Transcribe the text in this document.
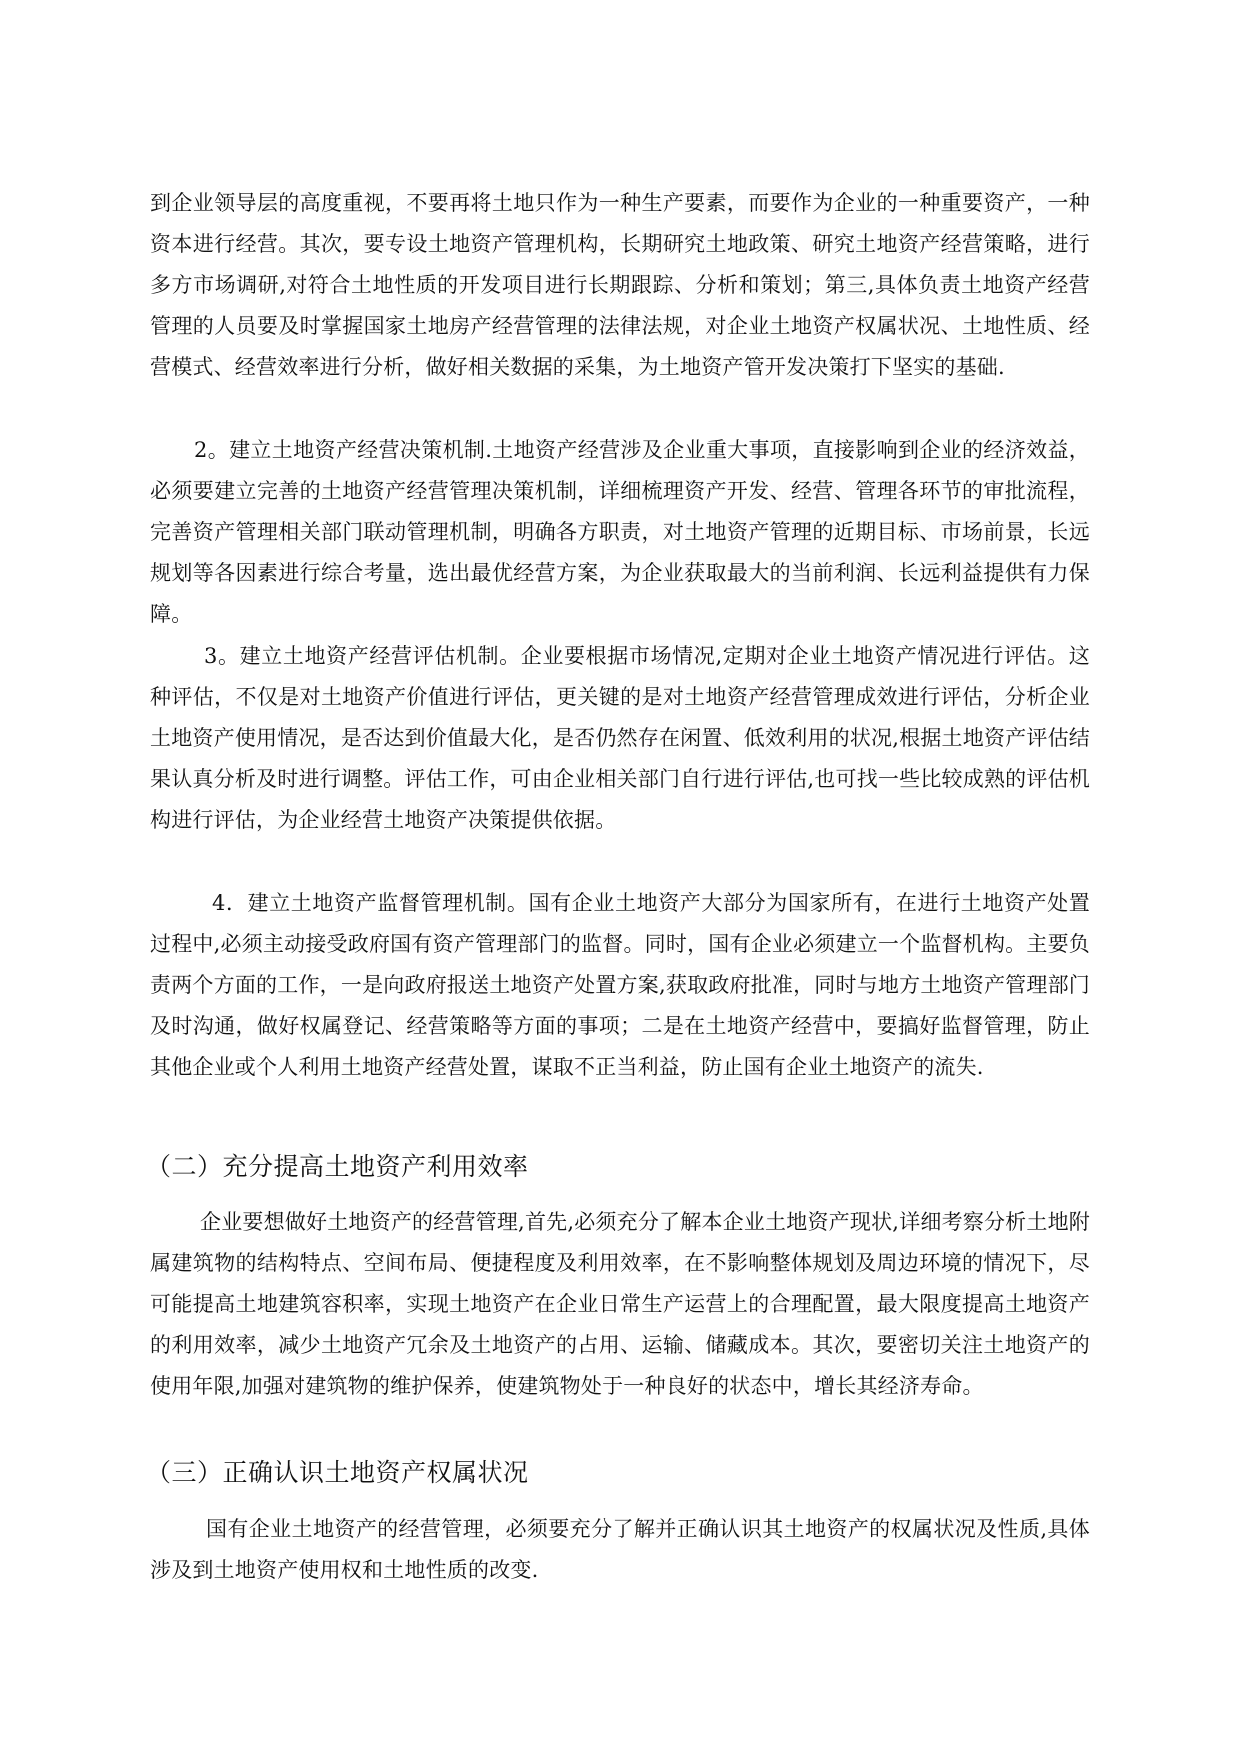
到企业领导层的高度重视，不要再将土地只作为一种生产要素，而要作为企业的一种重要资产，一种资本进行经营。其次，要专设土地资产管理机构，长期研究土地政策、研究土地资产经营策略，进行多方市场调研,对符合土地性质的开发项目进行长期跟踪、分析和策划；第三,具体负责土地资产经营管理的人员要及时掌握国家土地房产经营管理的法律法规，对企业土地资产权属状况、土地性质、经营模式、经营效率进行分析，做好相关数据的采集，为土地资产管开发决策打下坚实的基础.

2。建立土地资产经营决策机制.土地资产经营涉及企业重大事项，直接影响到企业的经济效益，必须要建立完善的土地资产经营管理决策机制，详细梳理资产开发、经营、管理各环节的审批流程，完善资产管理相关部门联动管理机制，明确各方职责，对土地资产管理的近期目标、市场前景，长远规划等各因素进行综合考量，选出最优经营方案，为企业获取最大的当前利润、长远利益提供有力保障。

3。建立土地资产经营评估机制。企业要根据市场情况,定期对企业土地资产情况进行评估。这种评估，不仅是对土地资产价值进行评估，更关键的是对土地资产经营管理成效进行评估，分析企业土地资产使用情况，是否达到价值最大化，是否仍然存在闲置、低效利用的状况,根据土地资产评估结果认真分析及时进行调整。评估工作，可由企业相关部门自行进行评估,也可找一些比较成熟的评估机构进行评估，为企业经营土地资产决策提供依据。

4．建立土地资产监督管理机制。国有企业土地资产大部分为国家所有，在进行土地资产处置过程中,必须主动接受政府国有资产管理部门的监督。同时，国有企业必须建立一个监督机构。主要负责两个方面的工作，一是向政府报送土地资产处置方案,获取政府批准，同时与地方土地资产管理部门及时沟通，做好权属登记、经营策略等方面的事项；二是在土地资产经营中，要搞好监督管理，防止其他企业或个人利用土地资产经营处置，谋取不正当利益，防止国有企业土地资产的流失.

（二）充分提高土地资产利用效率

企业要想做好土地资产的经营管理,首先,必须充分了解本企业土地资产现状,详细考察分析土地附属建筑物的结构特点、空间布局、便捷程度及利用效率，在不影响整体规划及周边环境的情况下，尽可能提高土地建筑容积率，实现土地资产在企业日常生产运营上的合理配置，最大限度提高土地资产的利用效率，减少土地资产冗余及土地资产的占用、运输、储藏成本。其次，要密切关注土地资产的使用年限,加强对建筑物的维护保养，使建筑物处于一种良好的状态中，增长其经济寿命。

（三）正确认识土地资产权属状况

国有企业土地资产的经营管理，必须要充分了解并正确认识其土地资产的权属状况及性质,具体涉及到土地资产使用权和土地性质的改变.
